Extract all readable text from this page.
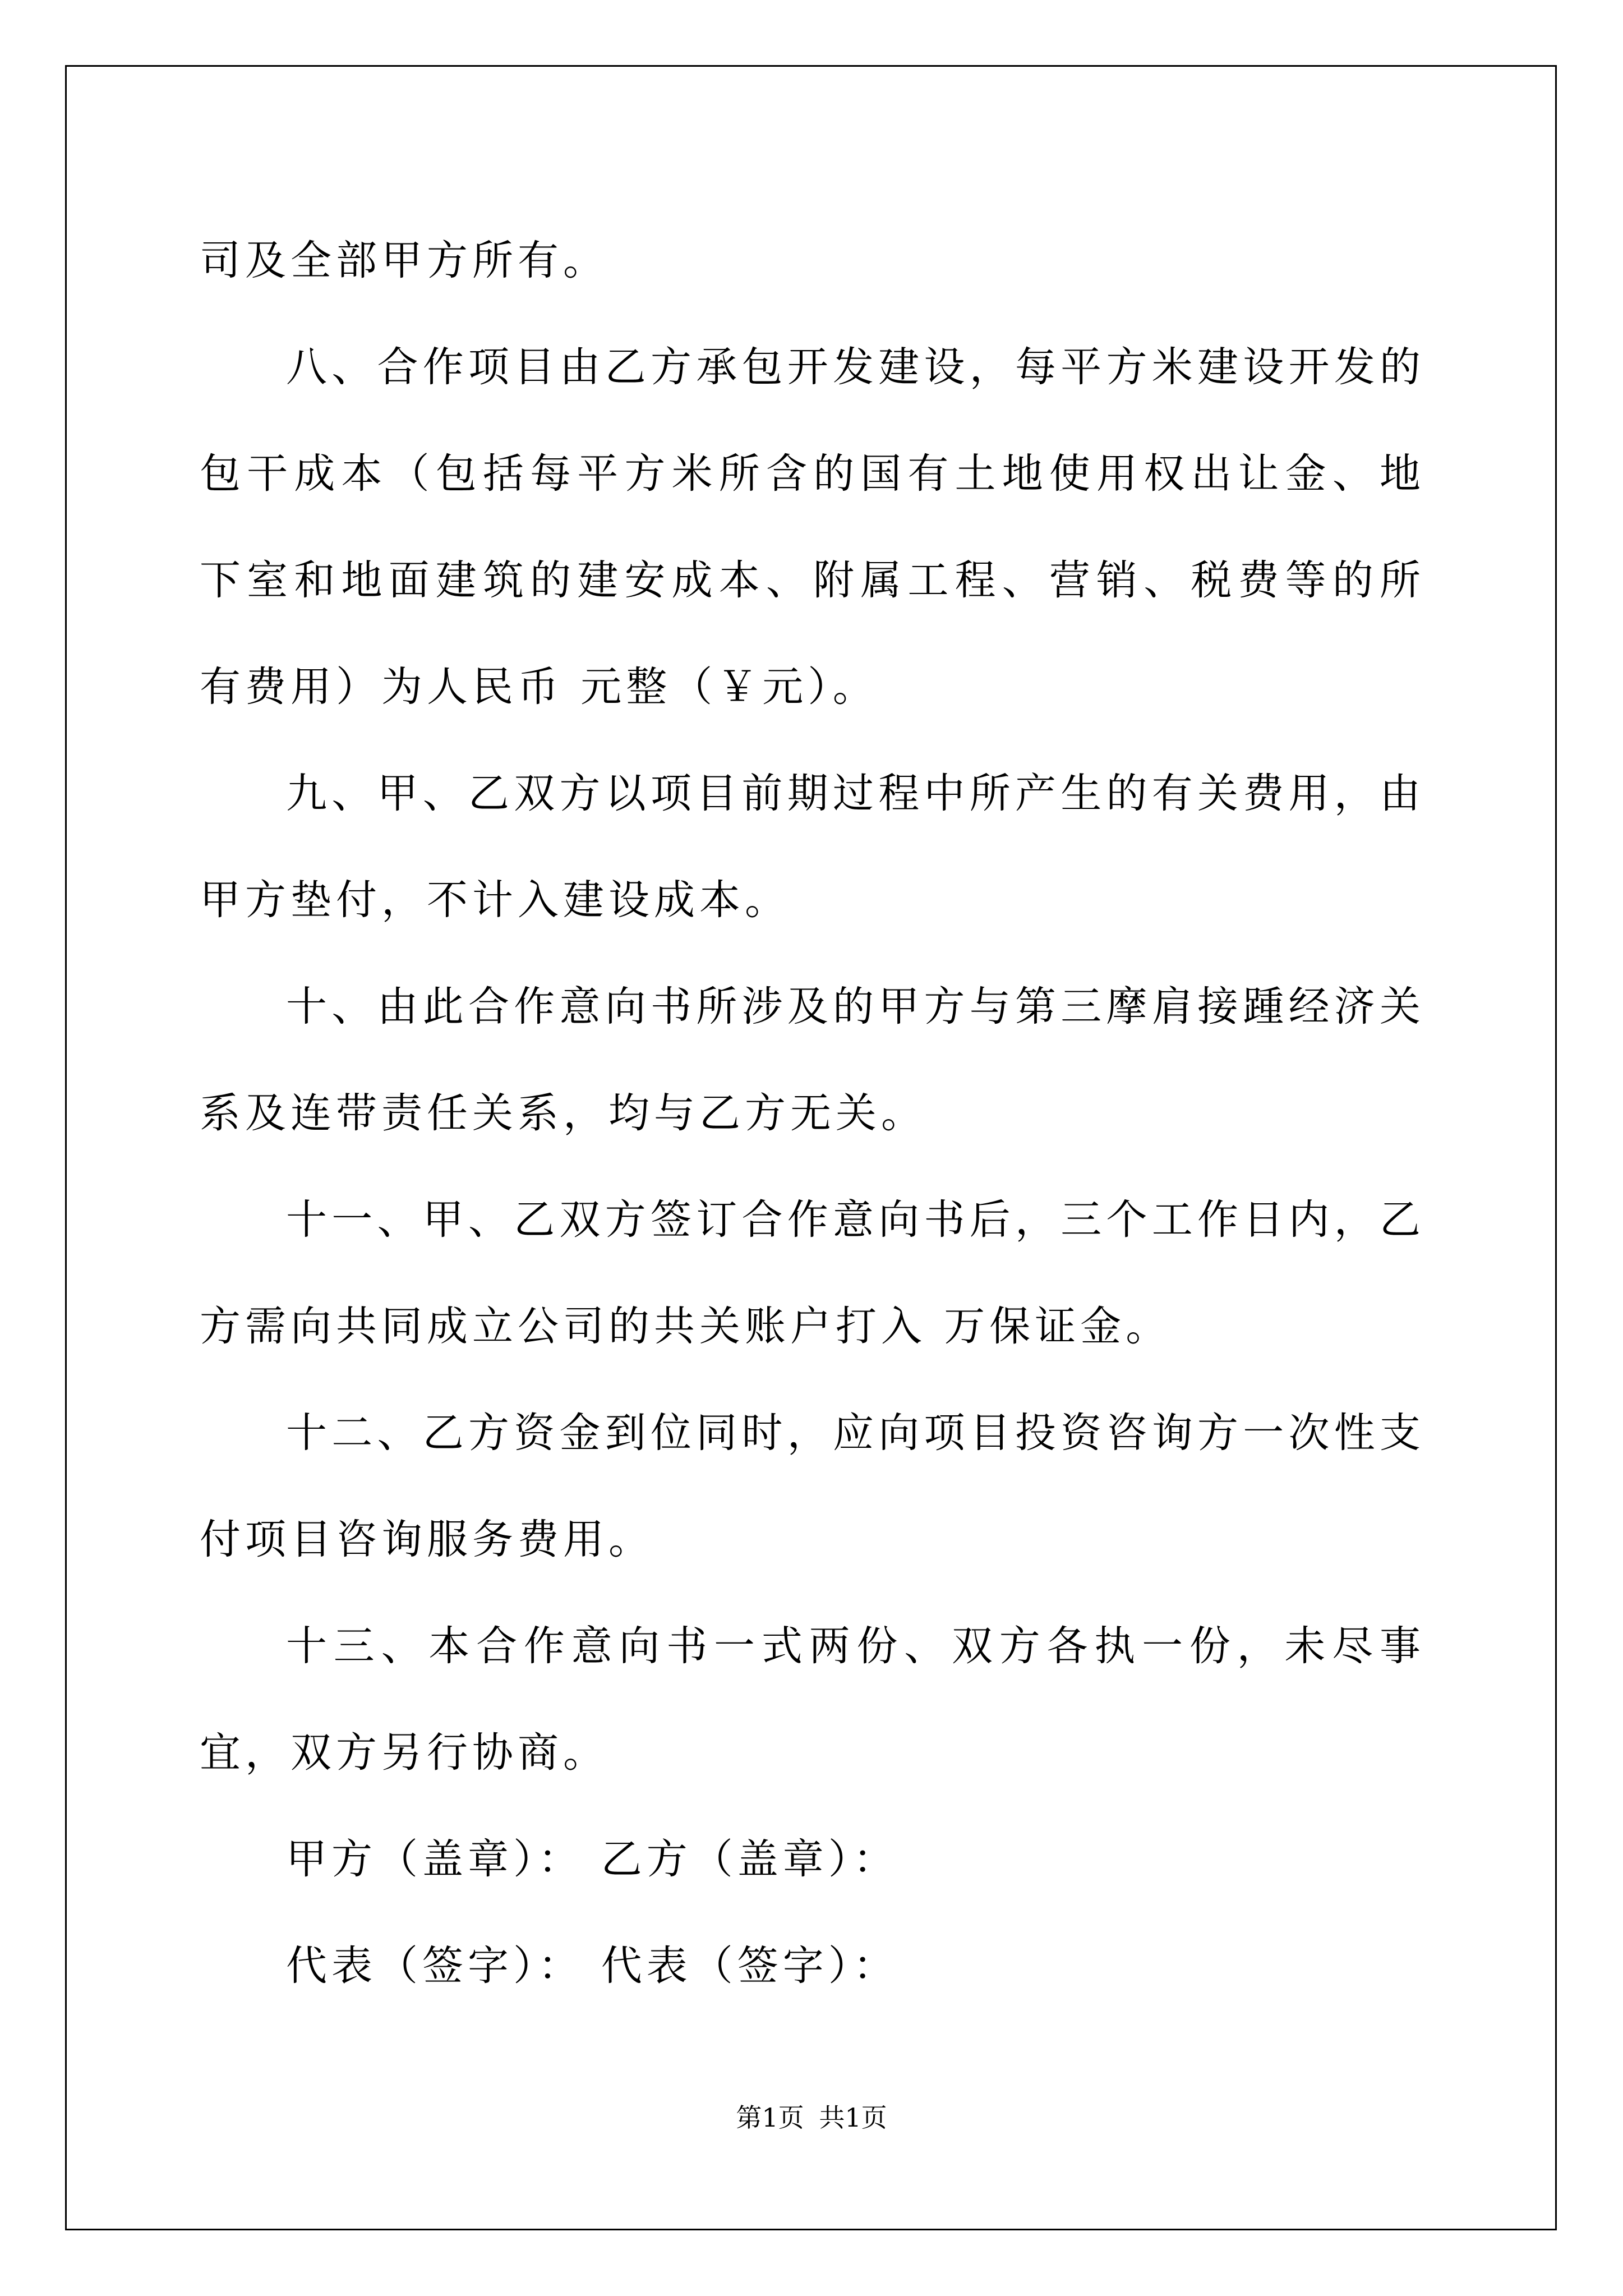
司及全部甲方所有。

八、合作项目由乙方承包开发建设，每平方米建设开发的包干成本（包括每平方米所含的国有土地使用权出让金、地下室和地面建筑的建安成本、附属工程、营销、税费等的所有费用）为人民币 元整（￥元）。

九、甲、乙双方以项目前期过程中所产生的有关费用，由甲方垫付，不计入建设成本。

十、由此合作意向书所涉及的甲方与第三摩肩接踵经济关系及连带责任关系，均与乙方无关。

十一、甲、乙双方签订合作意向书后，三个工作日内，乙方需向共同成立公司的共关账户打入 万保证金。

十二、乙方资金到位同时，应向项目投资咨询方一次性支付项目咨询服务费用。

十三、本合作意向书一式两份、双方各执一份，未尽事宜，双方另行协商。

甲方（盖章）： 乙方（盖章）：

代表（签字）： 代表（签字）：

第1页 共1页
